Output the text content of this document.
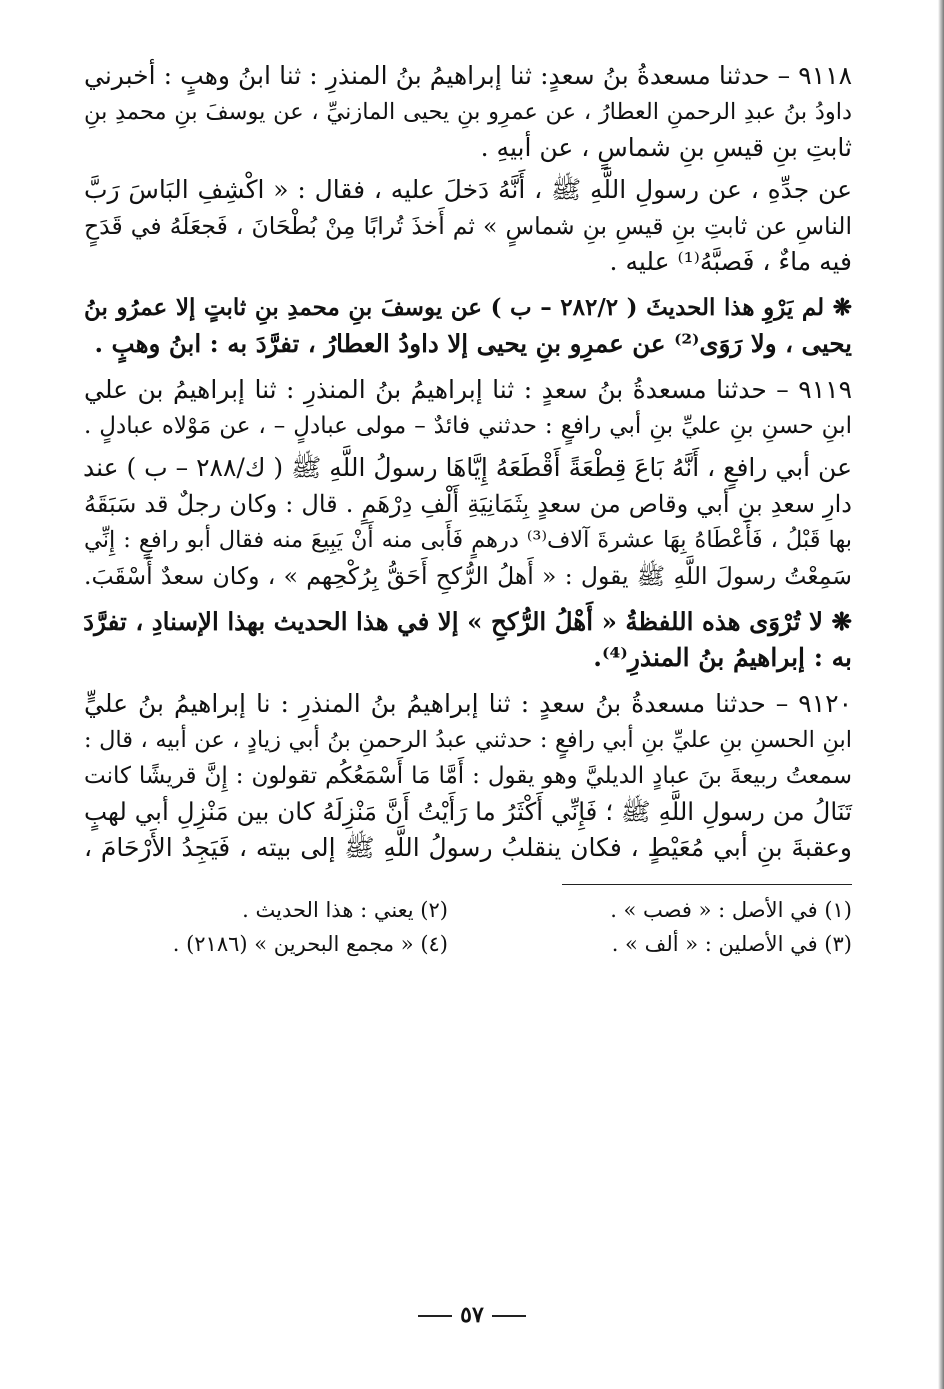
٩١١٨ – حدثنا مسعدةُ بنُ سعدٍ: ثنا إبراهيمُ بنُ المنذرِ : ثنا ابنُ وهبٍ : أخبرني
داودُ بنُ عبدِ الرحمنِ العطارُ ، عن عمرِو بنِ يحيى المازنيِّ ، عن يوسفَ بنِ محمدِ بنِ
ثابتِ بنِ قيسِ بنِ شماسٍ ، عن أبيهِ .
عن جدِّهِ ، عن رسولِ اللَّهِ ﷺ ، أَنَّهُ دَخلَ عليه ، فقال : « اكْشِفِ البَاسَ رَبَّ
الناسِ عن ثابتِ بنِ قيسِ بنِ شماسٍ » ثم أَخذَ تُرابًا مِنْ بُطْحَانَ ، فَجعَلَهُ في قَدَحٍ
فيه ماءٌ ، فَصبَّهُ⁽¹⁾ عليه .
❋ لم يَرْوِ هذا الحديثَ ( ٢٨٢/٢ – ب ) عن يوسفَ بنِ محمدِ بنِ ثابتٍ إلا عمرُو بنُ
يحيى ، ولا رَوَى⁽²⁾ عن عمرِو بنِ يحيى إلا داودُ العطارُ ، تفرَّدَ به : ابنُ وهبٍ .
٩١١٩ – حدثنا مسعدةُ بنُ سعدٍ : ثنا إبراهيمُ بنُ المنذرِ : ثنا إبراهيمُ بن علي
ابنِ حسنِ بنِ عليِّ بنِ أبي رافعٍ : حدثني فائدٌ – مولى عبادلٍ – ، عن مَوْلاه عبادلٍ .
عن أبي رافعٍ ، أَنَّهُ بَاعَ قِطْعَةً أَقْطَعَهُ إِيَّاهَا رسولُ اللَّهِ ﷺ ( ك/٢٨٨ – ب ) عند
دارِ سعدِ بنِ أبي وقاص من سعدٍ بِثَمَانِيَةِ أَلْفِ دِرْهَمٍ . قال : وكان رجلٌ قد سَبَقَهُ
بها قَبْلُ ، فَأَعْطَاهُ بِهَا عشرةَ آلاف⁽³⁾ درهمٍ فَأَبى منه أَنْ يَبِيعَ منه فقال أبو رافعٍ : إِنِّي
سَمِعْتُ رسولَ اللَّهِ ﷺ يقول : « أَهلُ الرُّكحِ أَحَقُّ بِرُكْحِهم » ، وكان سعدٌ أَسْقَبَ.
❋ لا تُرْوَى هذه اللفظةُ « أَهْلُ الرُّكحِ » إلا في هذا الحديث بهذا الإسنادِ ، تفرَّدَ
به : إبراهيمُ بنُ المنذرِ⁽⁴⁾.
٩١٢٠ – حدثنا مسعدةُ بنُ سعدٍ : ثنا إبراهيمُ بنُ المنذرِ : نا إبراهيمُ بنُ عليٍّ
ابنِ الحسنِ بنِ عليِّ بنِ أبي رافعٍ : حدثني عبدُ الرحمنِ بنُ أبي زيادٍ ، عن أبيه ، قال :
سمعتُ ربيعةَ بنَ عبادٍ الديليَّ وهو يقول : أَمَّا مَا أَسْمَعُكُم تقولون : إِنَّ قريشًا كانت
تَنَالُ من رسولِ اللَّهِ ﷺ ؛ فَإِنِّي أَكْثَرُ ما رَأَيْتُ أَنَّ مَنْزِلَهُ كان بين مَنْزِلِ أبي لهبٍ
وعقبةَ بنِ أبي مُعَيْطٍ ، فكان ينقلبُ رسولُ اللَّهِ ﷺ إلى بيته ، فَيَجِدُ الأَرْحَامَ ،
(١) في الأصل : « فصب » .
(٢) يعني : هذا الحديث .
(٣) في الأصلين : « ألف » .
(٤) « مجمع البحرين » (٢١٨٦) .
٥٧
